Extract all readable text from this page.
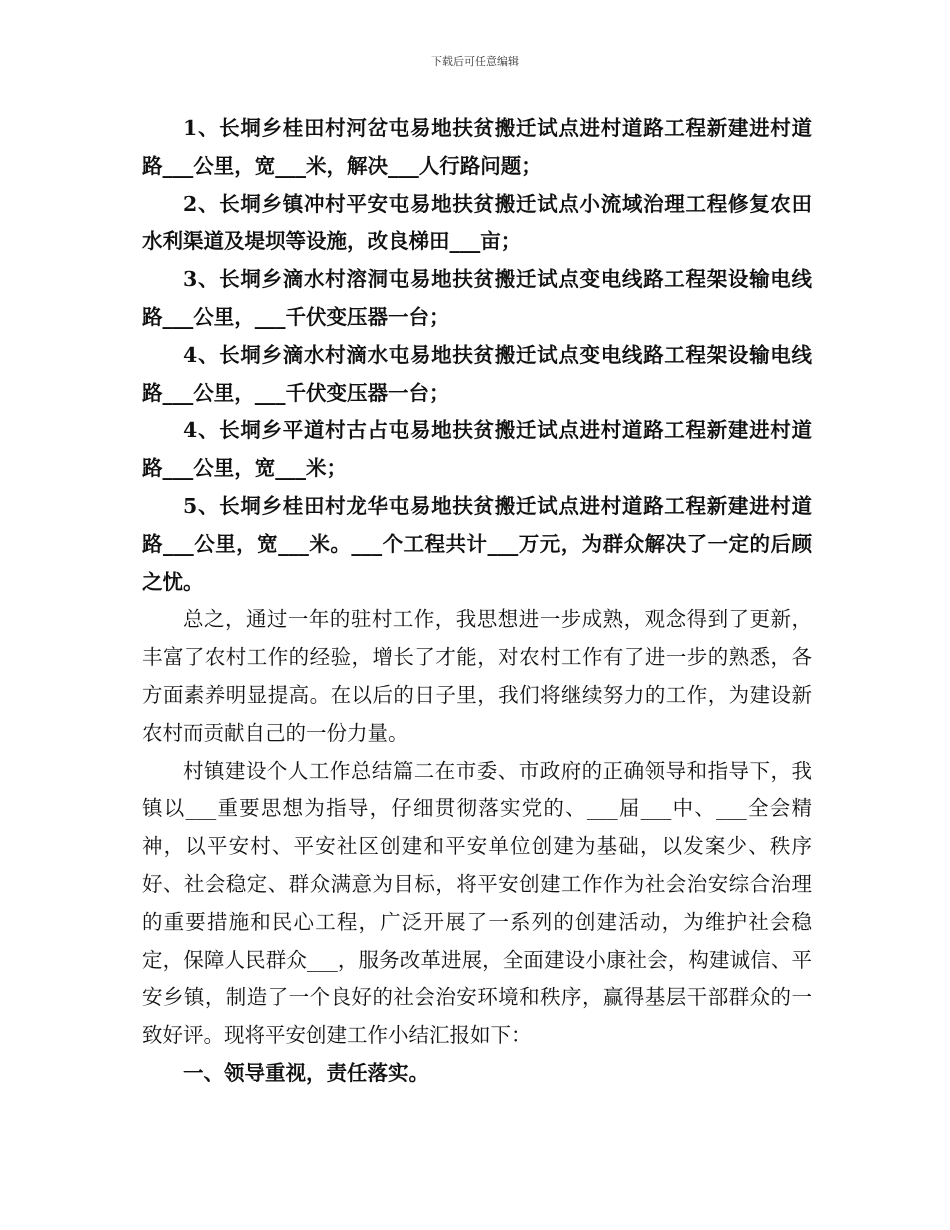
下载后可任意编辑

1、长垌乡桂田村河岔屯易地扶贫搬迁试点进村道路工程新建进村道路___公里，宽___米，解决___人行路问题；

2、长垌乡镇冲村平安屯易地扶贫搬迁试点小流域治理工程修复农田水利渠道及堤坝等设施，改良梯田___亩；

3、长垌乡滴水村溶洞屯易地扶贫搬迁试点变电线路工程架设输电线路___公里，___千伏变压器一台；

4、长垌乡滴水村滴水屯易地扶贫搬迁试点变电线路工程架设输电线路___公里，___千伏变压器一台；

4、长垌乡平道村古占屯易地扶贫搬迁试点进村道路工程新建进村道路___公里，宽___米；

5、长垌乡桂田村龙华屯易地扶贫搬迁试点进村道路工程新建进村道路___公里，宽___米。___个工程共计___万元，为群众解决了一定的后顾之忧。

总之，通过一年的驻村工作，我思想进一步成熟，观念得到了更新，丰富了农村工作的经验，增长了才能，对农村工作有了进一步的熟悉，各方面素养明显提高。在以后的日子里，我们将继续努力的工作，为建设新农村而贡献自己的一份力量。

村镇建设个人工作总结篇二在市委、市政府的正确领导和指导下，我镇以___重要思想为指导，仔细贯彻落实党的、___届___中、___全会精神，以平安村、平安社区创建和平安单位创建为基础，以发案少、秩序好、社会稳定、群众满意为目标，将平安创建工作作为社会治安综合治理的重要措施和民心工程，广泛开展了一系列的创建活动，为维护社会稳定，保障人民群众___，服务改革进展，全面建设小康社会，构建诚信、平安乡镇，制造了一个良好的社会治安环境和秩序，赢得基层干部群众的一致好评。现将平安创建工作小结汇报如下：

一、领导重视，责任落实。
